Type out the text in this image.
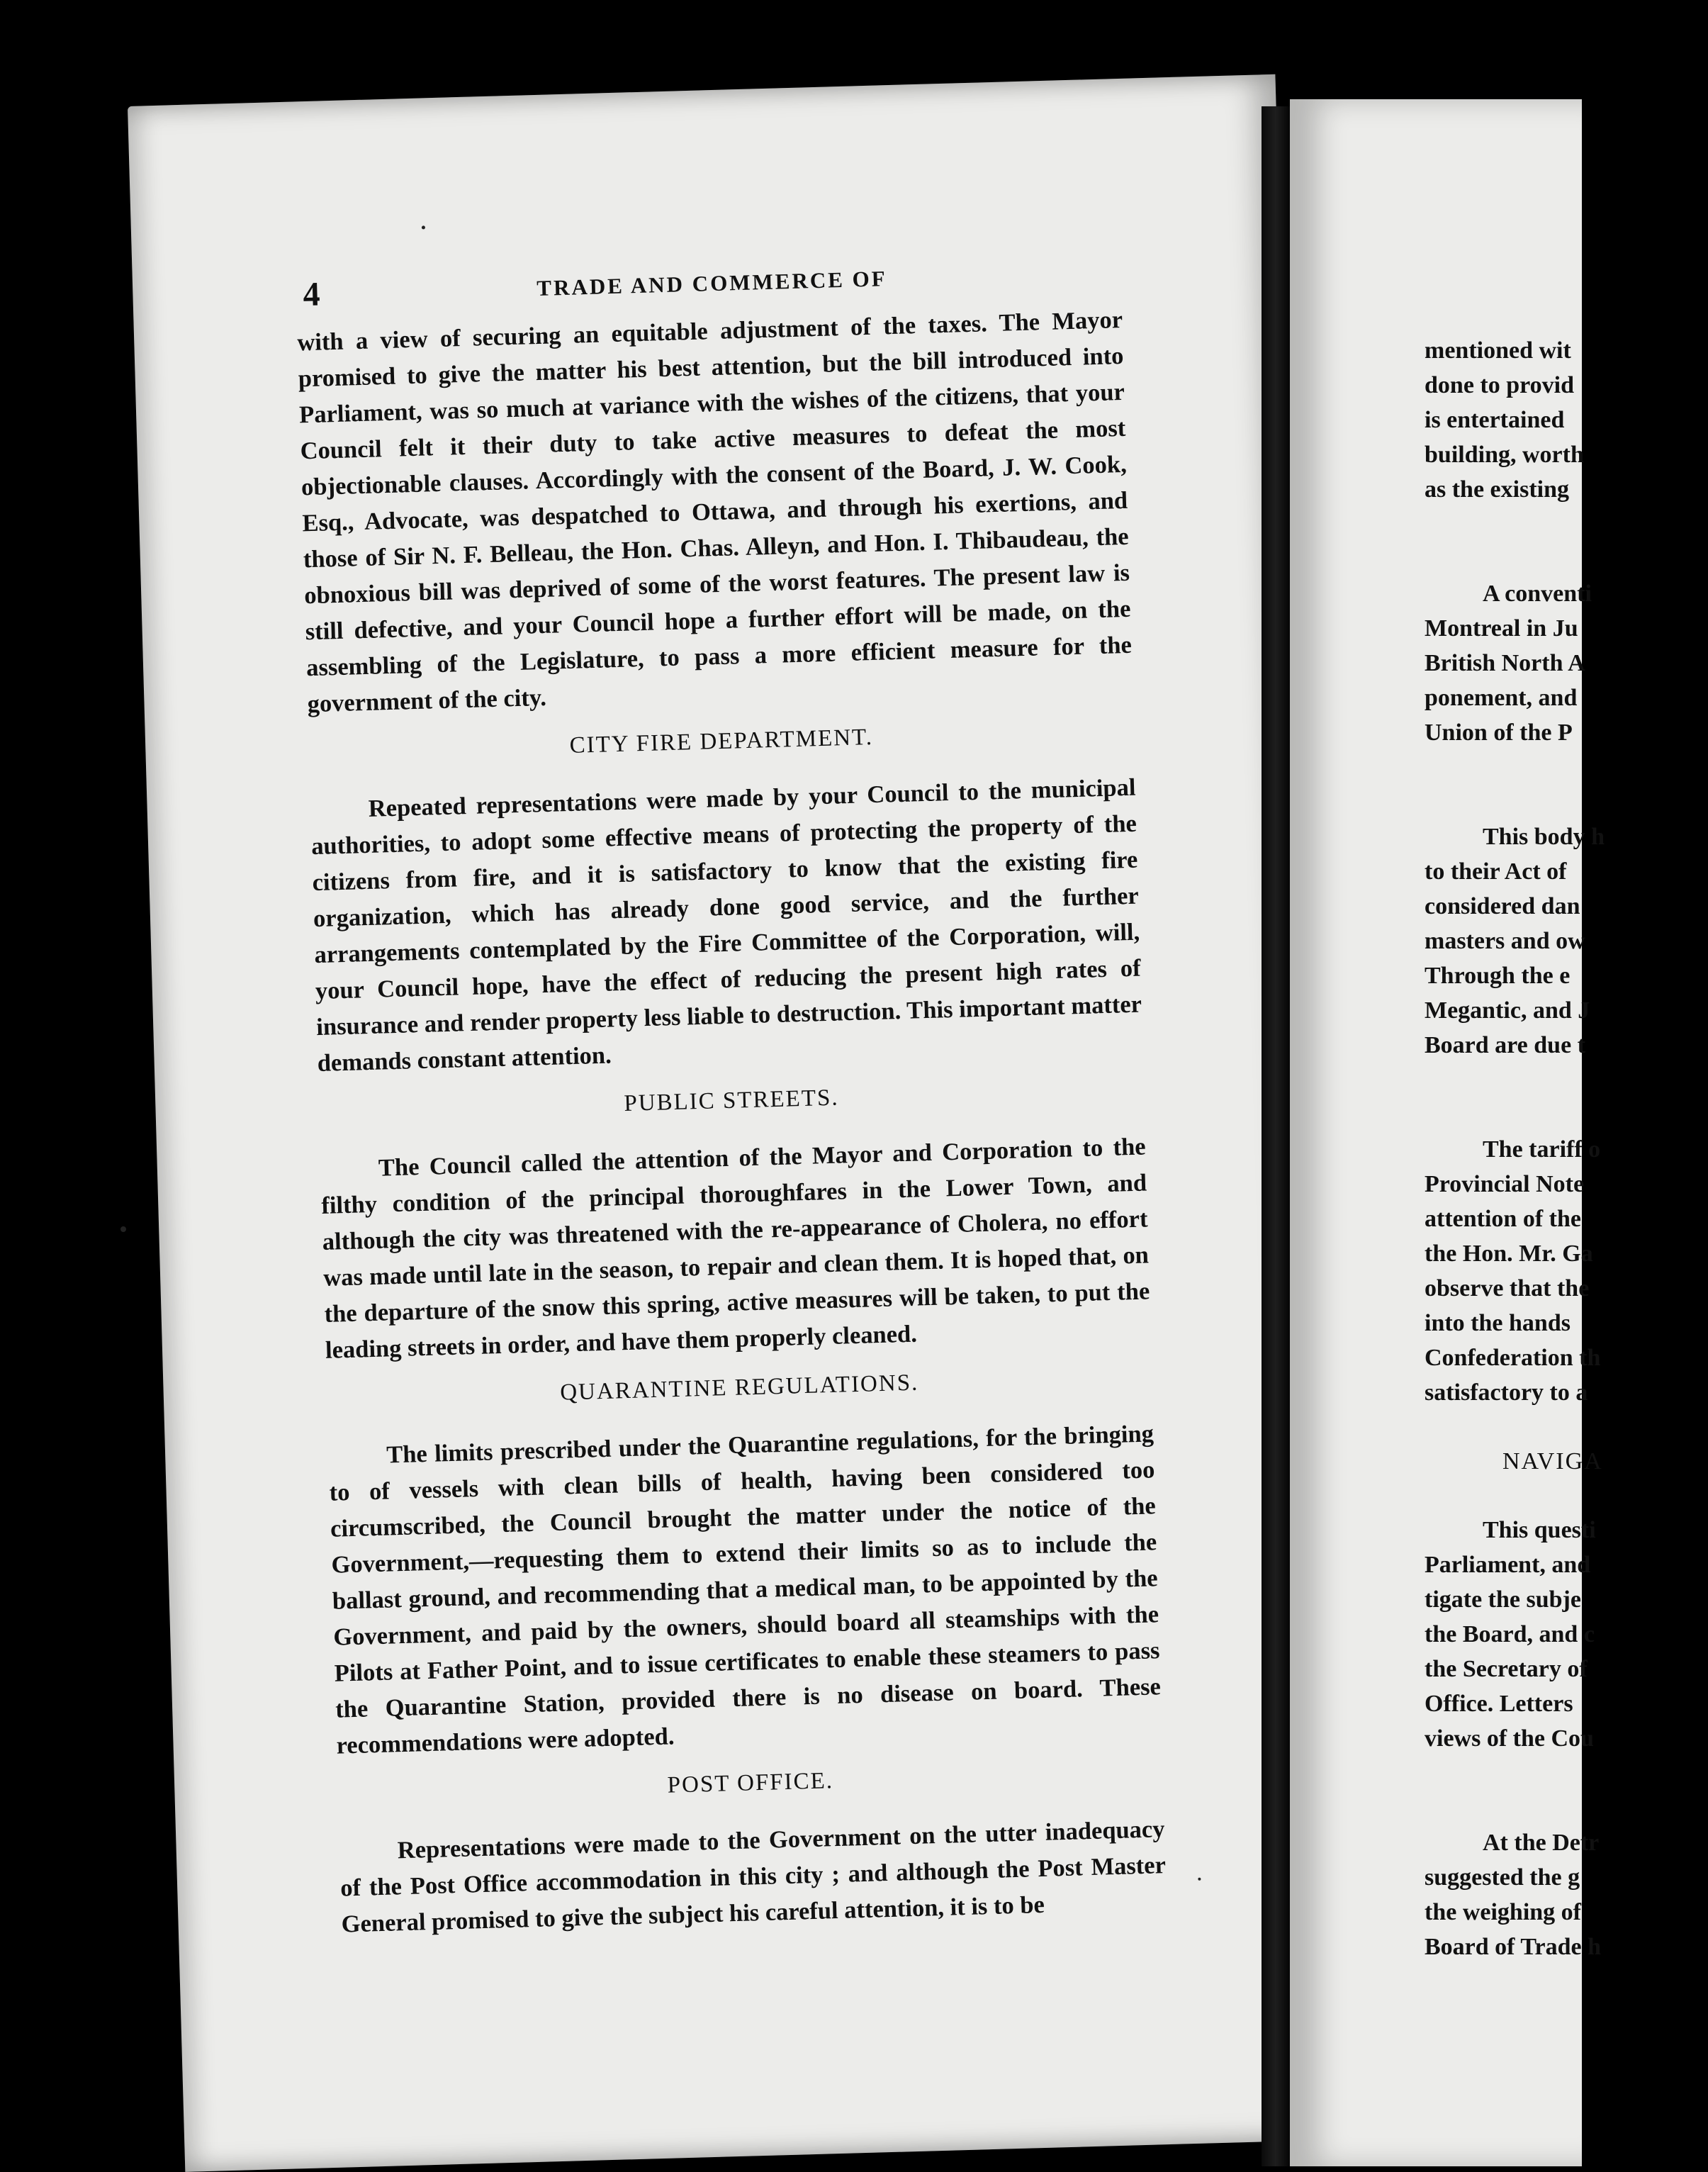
4	TRADE AND COMMERCE OF

with a view of securing an equitable adjustment of the taxes. The Mayor promised to give the matter his best attention, but the bill introduced into Parliament, was so much at variance with the wishes of the citizens, that your Council felt it their duty to take active measures to defeat the most objectionable clauses. Accordingly with the consent of the Board, J. W. Cook, Esq., Advocate, was despatched to Ottawa, and through his exertions, and those of Sir N. F. Belleau, the Hon. Chas. Alleyn, and Hon. I. Thibaudeau, the obnoxious bill was deprived of some of the worst features. The present law is still defective, and your Council hope a further effort will be made, on the assembling of the Legislature, to pass a more efficient measure for the government of the city.

CITY FIRE DEPARTMENT.

Repeated representations were made by your Council to the municipal authorities, to adopt some effective means of protecting the property of the citizens from fire, and it is satisfactory to know that the existing fire organization, which has already done good service, and the further arrangements contemplated by the Fire Committee of the Corporation, will, your Council hope, have the effect of reducing the present high rates of insurance and render property less liable to destruction. This important matter demands constant attention.

PUBLIC STREETS.

The Council called the attention of the Mayor and Corporation to the filthy condition of the principal thoroughfares in the Lower Town, and although the city was threatened with the re-appearance of Cholera, no effort was made until late in the season, to repair and clean them. It is hoped that, on the departure of the snow this spring, active measures will be taken, to put the leading streets in order, and have them properly cleaned.

QUARANTINE REGULATIONS.

The limits prescribed under the Quarantine regulations, for the bringing to of vessels with clean bills of health, having been considered too circumscribed, the Council brought the matter under the notice of the Government,—requesting them to extend their limits so as to include the ballast ground, and recommending that a medical man, to be appointed by the Government, and paid by the owners, should board all steamships with the Pilots at Father Point, and to issue certificates to enable these steamers to pass the Quarantine Station, provided there is no disease on board. These recommendations were adopted.

POST OFFICE.

Representations were made to the Government on the utter inadequacy of the Post Office accommodation in this city ; and although the Post Master General promised to give the subject his careful attention, it is to be

mentioned wit
done to provid
is entertained
building, worth
as the existing
A conventi
Montreal in Ju
British North A
ponement, and
Union of the P
This body h
to their Act of
considered dan
masters and ow
Through the e
Megantic, and J
Board are due t
The tariff o
Provincial Note
attention of the
the Hon. Mr. Ga
observe that the
into the hands
Confederation th
satisfactory to a
NAVIGA
This questi
Parliament, and
tigate the subje
the Board, and c
the Secretary of
Office. Letters
views of the Cou
At the Detr
suggested the g
the weighing of
Board of Trade h
